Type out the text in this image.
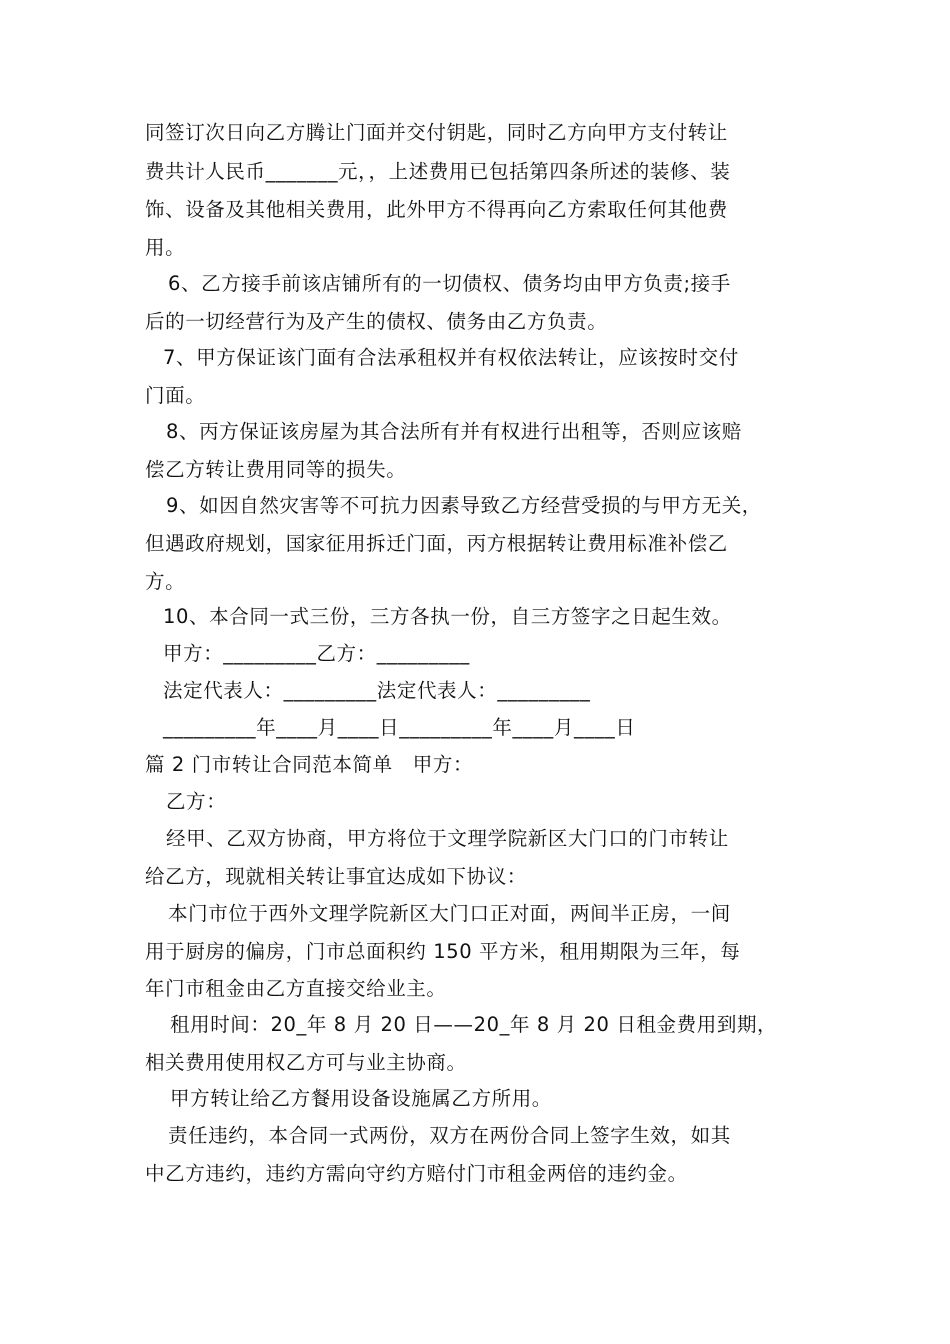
同签订次日向乙方腾让门面并交付钥匙，同时乙方向甲方支付转让

费共计人民币_______元，，上述费用已包括第四条所述的装修、装

饰、设备及其他相关费用，此外甲方不得再向乙方索取任何其他费

用。

6、乙方接手前该店铺所有的一切债权、债务均由甲方负责;接手

后的一切经营行为及产生的债权、债务由乙方负责。

7、甲方保证该门面有合法承租权并有权依法转让，应该按时交付

门面。

8、丙方保证该房屋为其合法所有并有权进行出租等，否则应该赔

偿乙方转让费用同等的损失。

9、如因自然灾害等不可抗力因素导致乙方经营受损的与甲方无关，

但遇政府规划，国家征用拆迁门面，丙方根据转让费用标准补偿乙

方。

10、本合同一式三份，三方各执一份，自三方签字之日起生效。

甲方：_________乙方：_________

法定代表人：_________法定代表人：_________

_________年____月____日_________年____月____日

篇 2 门市转让合同范本简单　甲方：

乙方：

经甲、乙双方协商，甲方将位于文理学院新区大门口的门市转让

给乙方，现就相关转让事宜达成如下协议：

本门市位于西外文理学院新区大门口正对面，两间半正房，一间

用于厨房的偏房，门市总面积约 150 平方米，租用期限为三年，每

年门市租金由乙方直接交给业主。

租用时间：20_年 8 月 20 日——20_年 8 月 20 日租金费用到期，

相关费用使用权乙方可与业主协商。

甲方转让给乙方餐用设备设施属乙方所用。

责任违约，本合同一式两份，双方在两份合同上签字生效，如其

中乙方违约，违约方需向守约方赔付门市租金两倍的违约金。
